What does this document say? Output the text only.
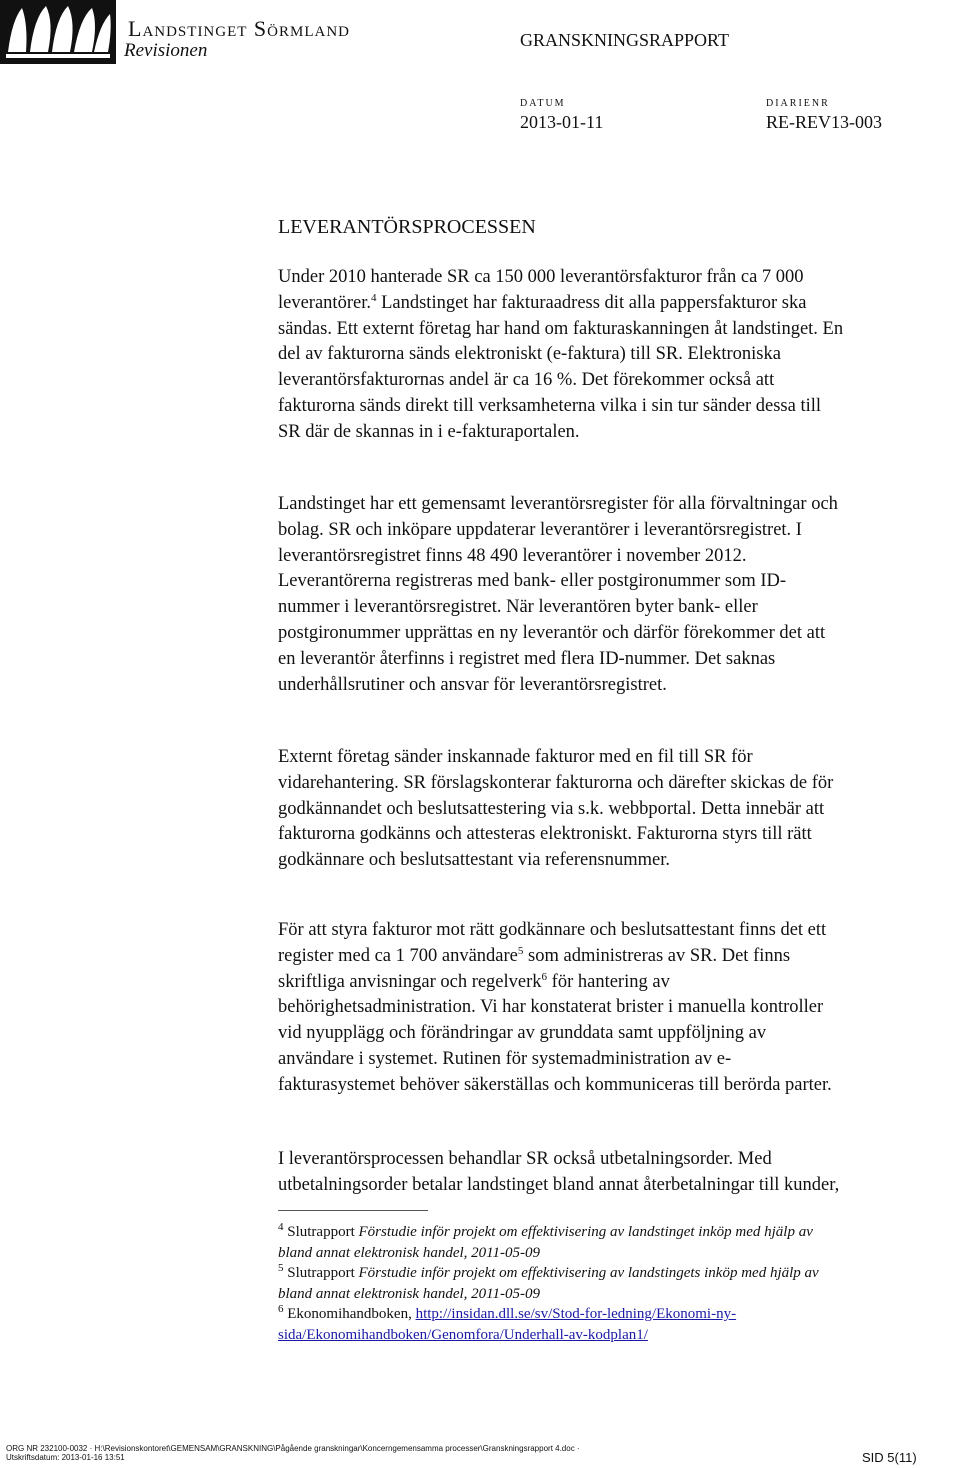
Landstinget Sörmland
Revisionen	GRANSKNINGSRAPPORT
DATUM
2013-01-11
DIARIENR
RE-REV13-003
LEVERANTÖRSPROCESSEN

Under 2010 hanterade SR ca 150 000 leverantörsfakturor från ca 7 000

leverantörer.$^4$ Landstinget har fakturaadress dit alla pappersfakturor ska

sändas. Ett externt företag har hand om fakturaskanningen åt landstinget. En

del av fakturorna sänds elektroniskt (e-faktura) till SR. Elektroniska

leverantörsfakturornas andel är ca 16 %. Det förekommer också att

fakturorna sänds direkt till verksamheterna vilka i sin tur sänder dessa till

SR där de skannas in i e-fakturaportalen.

Landstinget har ett gemensamt leverantörsregister för alla förvaltningar och

bolag. SR och inköpare uppdaterar leverantörer i leverantörsregistret. I

leverantörsregistret finns 48 490 leverantörer i november 2012.

Leverantörerna registreras med bank- eller postgironummer som ID-

nummer i leverantörsregistret. När leverantören byter bank- eller

postgironummer upprättas en ny leverantör och därför förekommer det att

en leverantör återfinns i registret med flera ID-nummer. Det saknas

underhållsrutiner och ansvar för leverantörsregistret.

Externt företag sänder inskannade fakturor med en fil till SR för

vidarehantering. SR förslagskonterar fakturorna och därefter skickas de för

godkännandet och beslutsattestering via s.k. webbportal. Detta innebär att

fakturorna godkänns och attesteras elektroniskt. Fakturorna styrs till rätt

godkännare och beslutsattestant via referensnummer.

För att styra fakturor mot rätt godkännare och beslutsattestant finns det ett

register med ca 1 700 användare$^5$ som administreras av SR. Det finns

skriftliga anvisningar och regelverk$^6$ för hantering av

behörighetsadministration. Vi har konstaterat brister i manuella kontroller

vid nyupplägg och förändringar av grunddata samt uppföljning av

användare i systemet. Rutinen för systemadministration av e-

fakturasystemet behöver säkerställas och kommuniceras till berörda parter.

I leverantörsprocessen behandlar SR också utbetalningsorder. Med

utbetalningsorder betalar landstinget bland annat återbetalningar till kunder,

$^4$ Slutrapport Förstudie inför projekt om effektivisering av landstinget inköp med hjälp av

bland annat elektronisk handel, 2011-05-09

$^5$ Slutrapport Förstudie inför projekt om effektivisering av landstingets inköp med hjälp av

bland annat elektronisk handel, 2011-05-09

$^6$ Ekonomihandboken, http://insidan.dll.se/sv/Stod-for-ledning/Ekonomi-ny-

sida/Ekonomihandboken/Genomfora/Underhall-av-kodplan1/

ORG NR 232100-0032 · H:\Revisionskontoret\GEMENSAM\GRANSKNING\Pågående granskningar\Koncerngemensamma processer\Granskningsrapport 4.doc ·
Utskriftsdatum: 2013-01-16 13:51	SID 5(11)
